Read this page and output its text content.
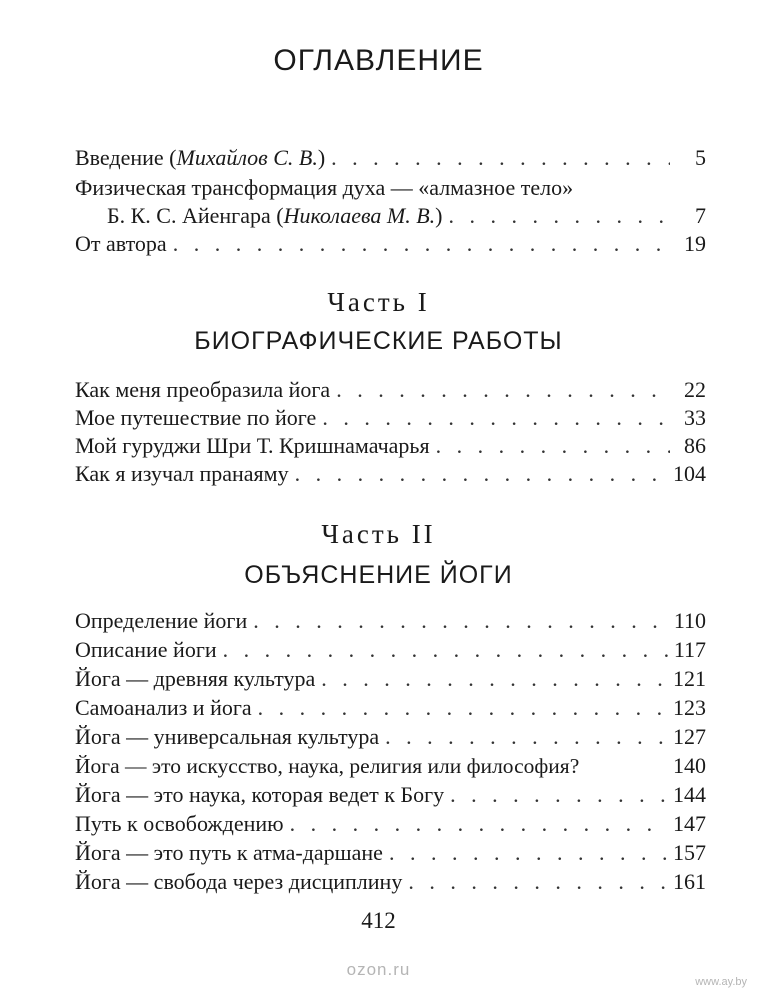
ОГЛАВЛЕНИЕ
Введение (Михайлов С. В.) . . .	5
Физическая трансформация духа — «алмазное тело»
Б. К. С. Айенгара (Николаева М. В.) . . .	7
От автора . . .	19
Часть I
БИОГРАФИЧЕСКИЕ РАБОТЫ
Как меня преобразила йога . . .	22
Мое путешествие по йоге . . .	33
Мой гуруджи Шри Т. Кришнамачарья . . .	86
Как я изучал пранаяму . . .	104
Часть II
ОБЪЯСНЕНИЕ ЙОГИ
Определение йоги . . .	110
Описание йоги . . .	117
Йога — древняя культура . . .	121
Самоанализ и йога . . .	123
Йога — универсальная культура . . .	127
Йога — это искусство, наука, религия или философия?	140
Йога — это наука, которая ведет к Богу . . .	144
Путь к освобождению . . .	147
Йога — это путь к атма-даршане . . .	157
Йога — свобода через дисциплину . . .	161
412
ozon.ru
www.ay.by
